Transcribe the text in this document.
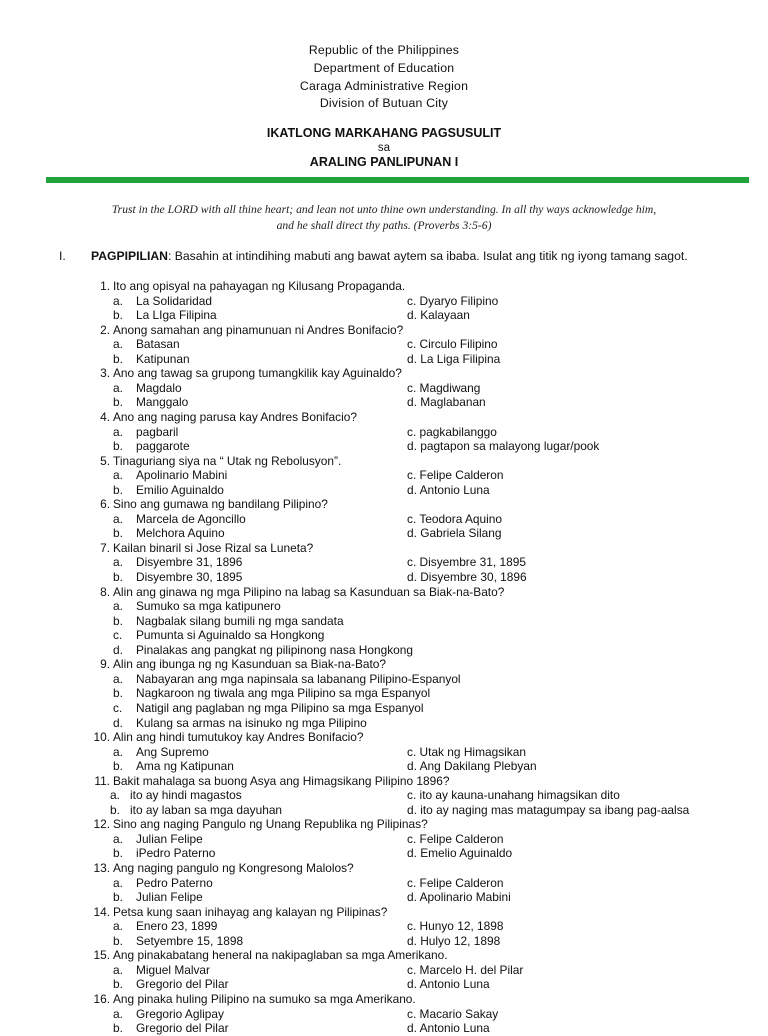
Republic of the Philippines
Department of Education
Caraga Administrative Region
Division of Butuan City
IKATLONG MARKAHANG PAGSUSULIT
sa
ARALING PANLIPUNAN I
Trust in the LORD with all thine heart; and lean not unto thine own understanding. In all thy ways acknowledge him,
and he shall direct thy paths. (Proverbs 3:5-6)
I. PAGPIPILIAN: Basahin at intindihing mabuti ang bawat aytem sa ibaba. Isulat ang titik ng iyong tamang sagot.
1. Ito ang opisyal na pahayagan ng Kilusang Propaganda.
a. La Solidaridad	c. Dyaryo Filipino
b. La LIga Filipina	d. Kalayaan
2. Anong samahan ang pinamunuan ni Andres Bonifacio?
a. Batasan	c. Circulo Filipino
b. Katipunan	d. La Liga Filipina
3. Ano ang tawag sa grupong tumangkilik kay Aguinaldo?
a. Magdalo	c. Magdiwang
b. Manggalo	d. Maglabanan
4. Ano ang naging parusa kay Andres Bonifacio?
a. pagbaril	c. pagkabilanggo
b. paggarote	d. pagtapon sa malayong lugar/pook
5. Tinaguriang siya na “ Utak ng Rebolusyon”.
a. Apolinario Mabini	c. Felipe Calderon
b. Emilio Aguinaldo	d. Antonio Luna
6. Sino ang gumawa ng bandilang Pilipino?
a. Marcela de Agoncillo	c. Teodora Aquino
b. Melchora Aquino	d. Gabriela Silang
7. Kailan binaril si Jose Rizal sa Luneta?
a. Disyembre 31, 1896	c. Disyembre 31, 1895
b. Disyembre 30, 1895	d. Disyembre 30, 1896
8. Alin ang ginawa ng mga Pilipino na labag sa Kasunduan sa Biak-na-Bato?
a. Sumuko sa mga katipunero
b. Nagbalak silang bumili ng mga sandata
c. Pumunta si Aguinaldo sa Hongkong
d. Pinalakas ang pangkat ng pilipinong nasa Hongkong
9. Alin ang ibunga ng ng Kasunduan sa Biak-na-Bato?
a. Nabayaran ang mga napinsala sa labanang Pilipino-Espanyol
b. Nagkaroon ng tiwala ang mga Pilipino sa mga Espanyol
c. Natigil ang paglaban ng mga Pilipino sa mga Espanyol
d. Kulang sa armas na isinuko ng mga Pilipino
10. Alin ang hindi tumutukoy kay Andres Bonifacio?
a. Ang Supremo	c. Utak ng Himagsikan
b. Ama ng Katipunan	d. Ang Dakilang Plebyan
11. Bakit mahalaga sa buong Asya ang Himagsikang Pilipino 1896?
a. ito ay hindi magastos	c. ito ay kauna-unahang himagsikan dito
b. ito ay laban sa mga dayuhan	d. ito ay naging mas matagumpay sa ibang pag-aalsa
12. Sino ang naging Pangulo ng Unang Republika ng Pilipinas?
a. Julian Felipe	c. Felipe Calderon
b. iPedro Paterno	d. Emelio Aguinaldo
13. Ang naging pangulo ng Kongresong Malolos?
a. Pedro Paterno	c. Felipe Calderon
b. Julian Felipe	d. Apolinario Mabini
14. Petsa kung saan inihayag ang kalayan ng Pilipinas?
a. Enero 23, 1899	c. Hunyo 12, 1898
b. Setyembre 15, 1898	d. Hulyo 12, 1898
15. Ang pinakabatang heneral na nakipaglaban sa mga Amerikano.
a. Miguel Malvar	c. Marcelo H. del Pilar
b. Gregorio del Pilar	d. Antonio Luna
16. Ang pinaka huling Pilipino na sumuko sa mga Amerikano.
a. Gregorio Aglipay	c. Macario Sakay
b. Gregorio del Pilar	d. Antonio Luna
